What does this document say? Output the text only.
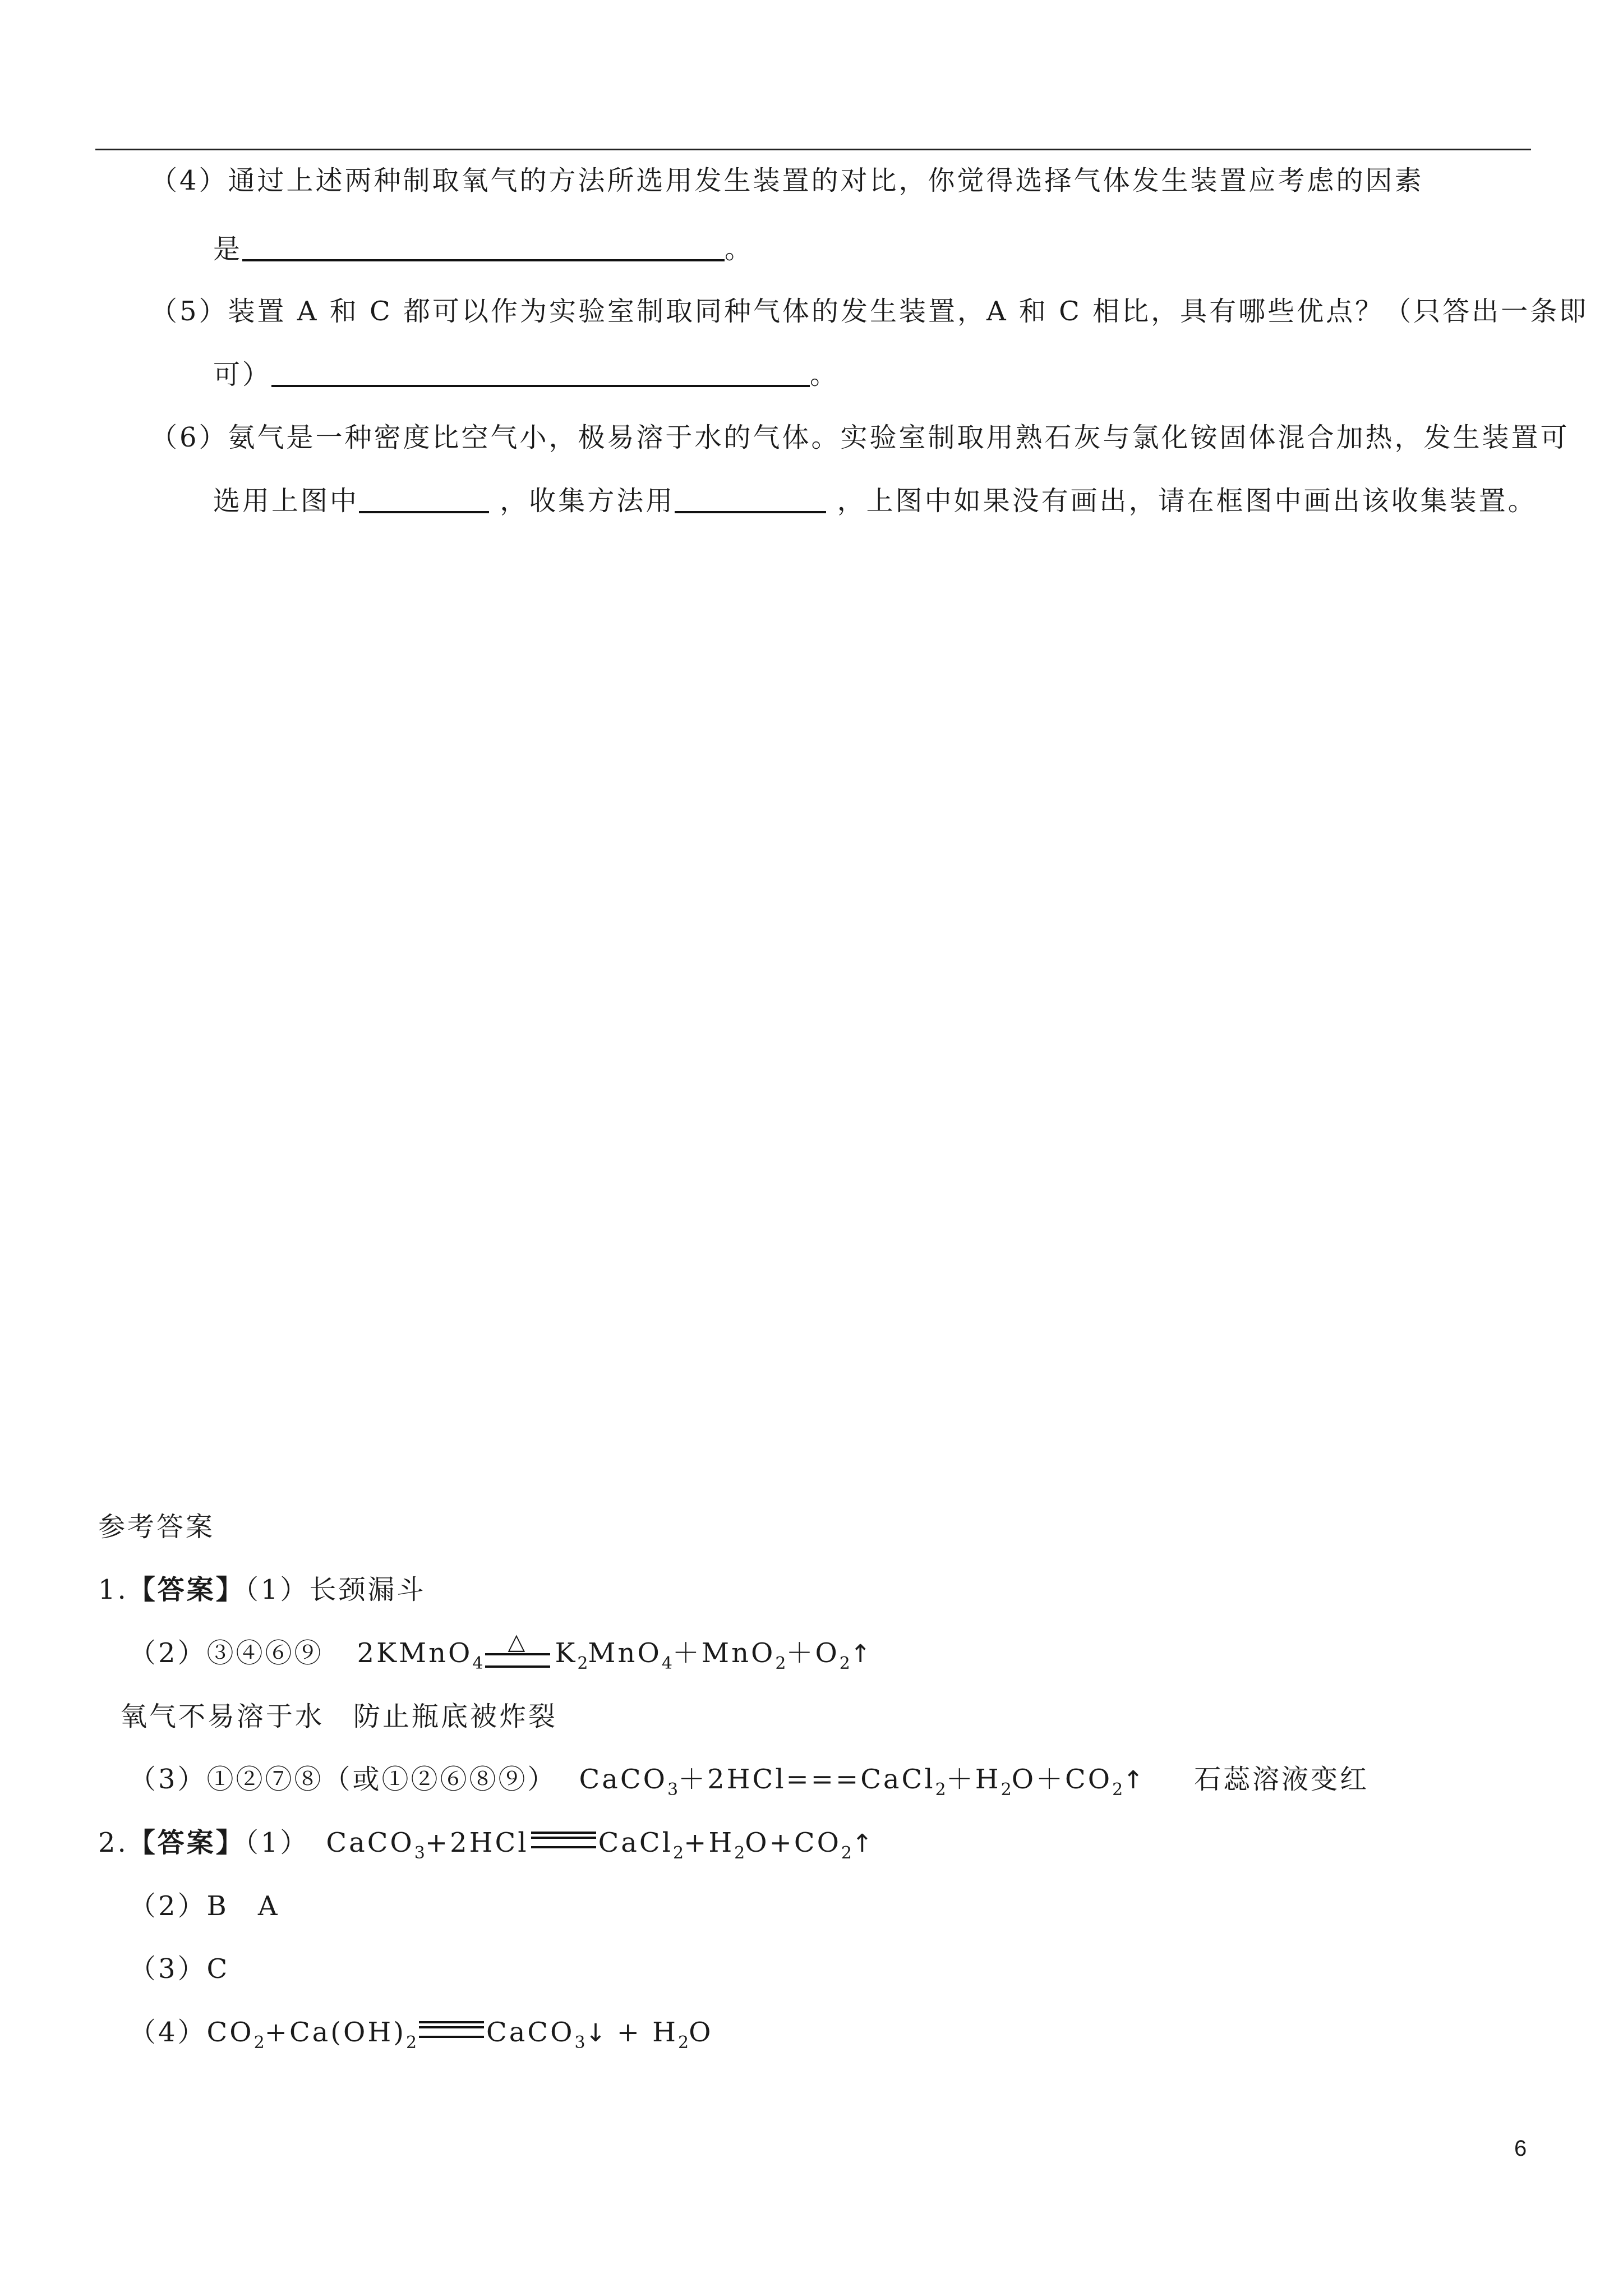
（4）通过上述两种制取氧气的方法所选用发生装置的对比，你觉得选择气体发生装置应考虑的因素
是	。
（5）装置 A 和 C 都可以作为实验室制取同种气体的发生装置，A 和 C 相比，具有哪些优点？（只答出一条即
可）	。
（6）氨气是一种密度比空气小，极易溶于水的气体。实验室制取用熟石灰与氯化铵固体混合加热，发生装置可
选用上图中	，收集方法用	，上图中如果没有画出，请在框图中画出该收集装置。
参考答案
1.【答案】（1）长颈漏斗
（2）③④⑥⑨ 2KMnO$_4$
△ $K_2MnO_4+MnO_2+O_2↑$
氧气不易溶于水　防止瓶底被炸裂
（3）①②⑦⑧（或①②⑥⑧⑨） $CaCO_3+2HCl===CaCl_2+H_2O+CO_2↑$ 石蕊溶液变红
2.【答案】（1） CaCO$_3$+2HCl	$CaCl_2+H_2O+CO_2↑$
（2）B　A
（3）C
$(4)CO_2+Ca(OH)_2$	CaCO$_3$↓ + $H_2O$
6
